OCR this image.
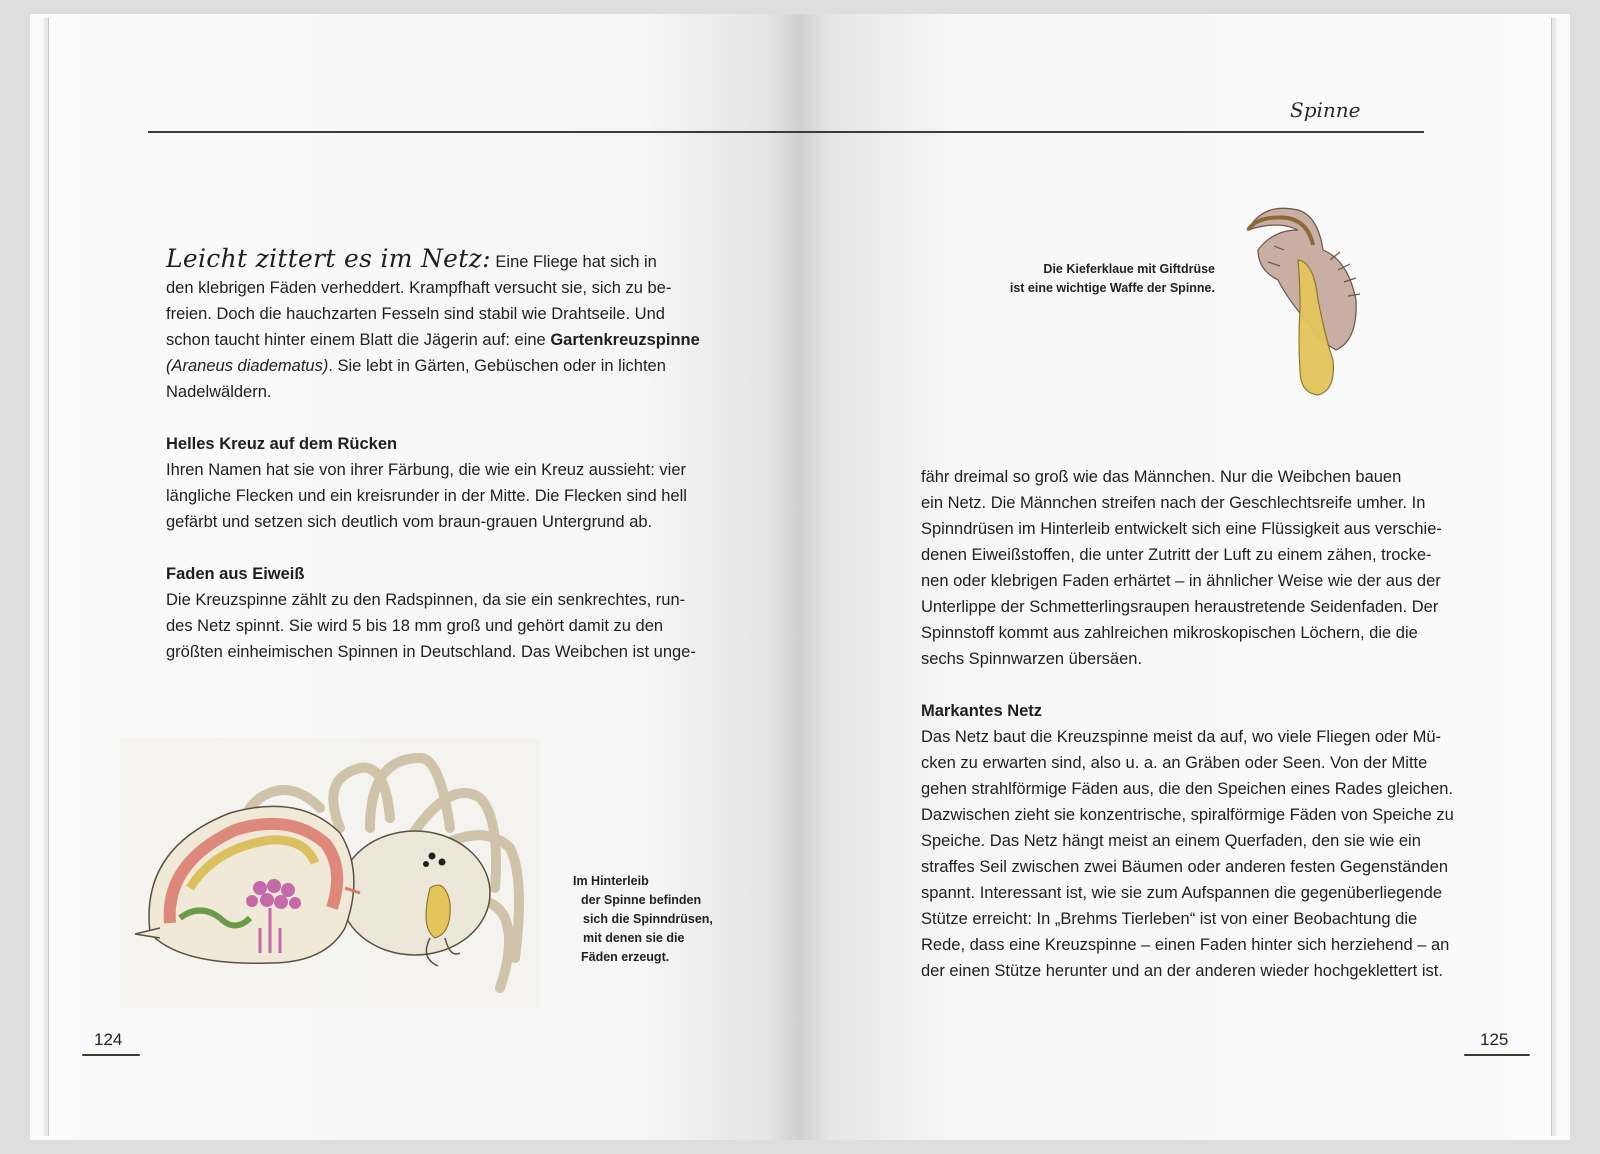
Leicht zittert es im Netz: Eine Fliege hat sich in

den klebrigen Fäden verheddert. Krampfhaft versucht sie, sich zu be-

freien. Doch die hauchzarten Fesseln sind stabil wie Drahtseile. Und

schon taucht hinter einem Blatt die Jägerin auf: eine Gartenkreuzspinne

(Araneus diadematus). Sie lebt in Gärten, Gebüschen oder in lichten

Nadelwäldern.

Helles Kreuz auf dem Rücken

Ihren Namen hat sie von ihrer Färbung, die wie ein Kreuz aussieht: vier

längliche Flecken und ein kreisrunder in der Mitte. Die Flecken sind hell

gefärbt und setzen sich deutlich vom braun-grauen Untergrund ab.

Faden aus Eiweiß

Die Kreuzspinne zählt zu den Radspinnen, da sie ein senkrechtes, run-

des Netz spinnt. Sie wird 5 bis 18 mm groß und gehört damit zu den

größten einheimischen Spinnen in Deutschland. Das Weibchen ist unge-

Im Hinterleib
der Spinne befinden
sich die Spinndrüsen,
mit denen sie die
Fäden erzeugt.
124
Die Kieferklaue mit Giftdrüse
ist eine wichtige Waffe der Spinne.
Spinne

fähr dreimal so groß wie das Männchen. Nur die Weibchen bauen

ein Netz. Die Männchen streifen nach der Geschlechtsreife umher. In

Spinndrüsen im Hinterleib entwickelt sich eine Flüssigkeit aus verschie-

denen Eiweißstoffen, die unter Zutritt der Luft zu einem zähen, trocke-

nen oder klebrigen Faden erhärtet – in ähnlicher Weise wie der aus der

Unterlippe der Schmetterlingsraupen heraustretende Seidenfaden. Der

Spinnstoff kommt aus zahlreichen mikroskopischen Löchern, die die

sechs Spinnwarzen übersäen.

Markantes Netz

Das Netz baut die Kreuzspinne meist da auf, wo viele Fliegen oder Mü-

cken zu erwarten sind, also u. a. an Gräben oder Seen. Von der Mitte

gehen strahlförmige Fäden aus, die den Speichen eines Rades gleichen.

Dazwischen zieht sie konzentrische, spiralförmige Fäden von Speiche zu

Speiche. Das Netz hängt meist an einem Querfaden, den sie wie ein

straffes Seil zwischen zwei Bäumen oder anderen festen Gegenständen

spannt. Interessant ist, wie sie zum Aufspannen die gegenüberliegende

Stütze erreicht: In „Brehms Tierleben“ ist von einer Beobachtung die

Rede, dass eine Kreuzspinne – einen Faden hinter sich herziehend – an

der einen Stütze herunter und an der anderen wieder hochgeklettert ist.

125
